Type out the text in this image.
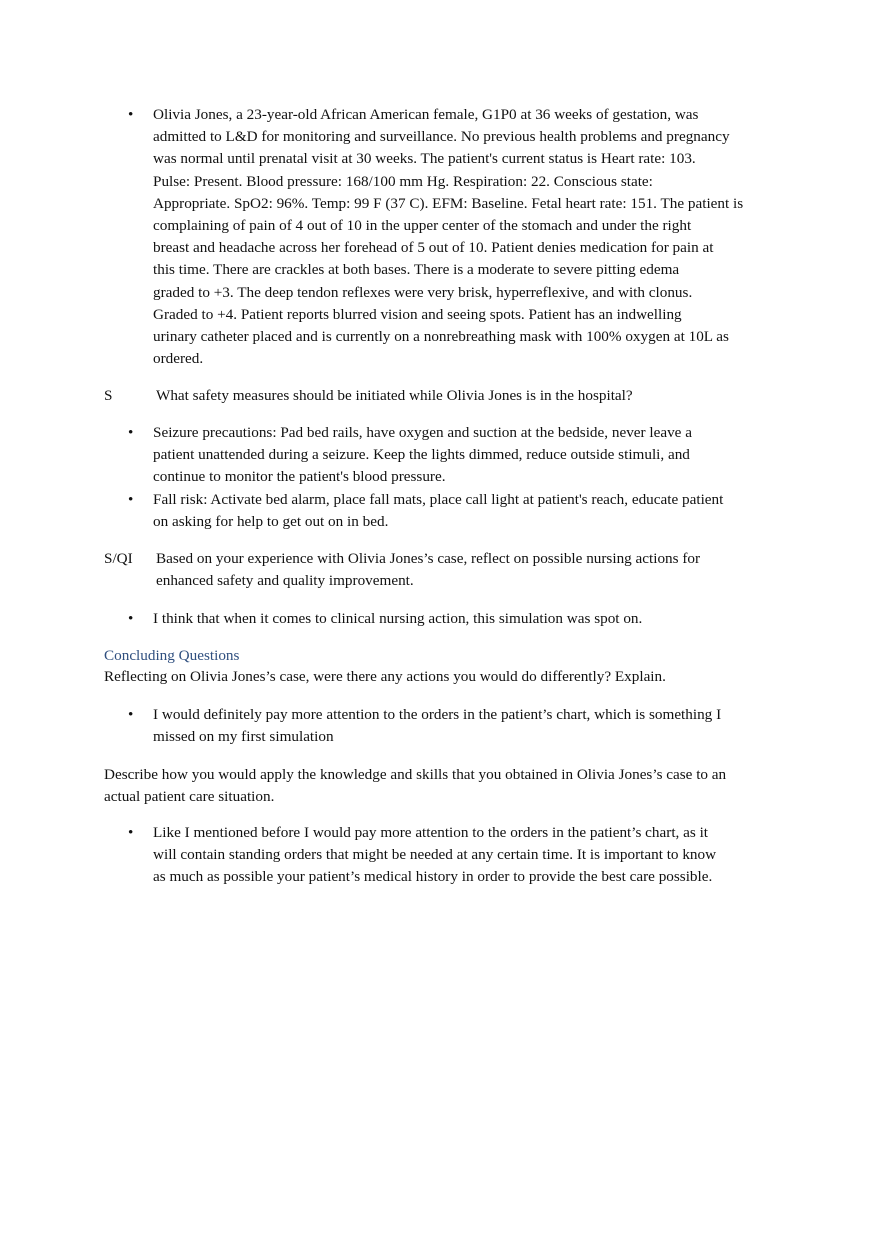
• Olivia Jones, a 23-year-old African American female, G1P0 at 36 weeks of gestation, was
admitted to L&D for monitoring and surveillance. No previous health problems and pregnancy
was normal until prenatal visit at 30 weeks. The patient's current status is Heart rate: 103.
Pulse: Present. Blood pressure: 168/100 mm Hg. Respiration: 22. Conscious state:
Appropriate. SpO2: 96%. Temp: 99 F (37 C). EFM: Baseline. Fetal heart rate: 151. The patient is
complaining of pain of 4 out of 10 in the upper center of the stomach and under the right
breast and headache across her forehead of 5 out of 10. Patient denies medication for pain at
this time. There are crackles at both bases. There is a moderate to severe pitting edema
graded to +3. The deep tendon reflexes were very brisk, hyperreflexive, and with clonus.
Graded to +4. Patient reports blurred vision and seeing spots. Patient has an indwelling
urinary catheter placed and is currently on a nonrebreathing mask with 100% oxygen at 10L as
ordered.
S	What safety measures should be initiated while Olivia Jones is in the hospital?
• Seizure precautions: Pad bed rails, have oxygen and suction at the bedside, never leave a
patient unattended during a seizure. Keep the lights dimmed, reduce outside stimuli, and
continue to monitor the patient's blood pressure.
• Fall risk: Activate bed alarm, place fall mats, place call light at patient's reach, educate patient
on asking for help to get out on in bed.
S/QI	Based on your experience with Olivia Jones’s case, reflect on possible nursing actions for
enhanced safety and quality improvement.
• I think that when it comes to clinical nursing action, this simulation was spot on.
Concluding Questions
Reflecting on Olivia Jones’s case, were there any actions you would do differently? Explain.
• I would definitely pay more attention to the orders in the patient’s chart, which is something I
missed on my first simulation
Describe how you would apply the knowledge and skills that you obtained in Olivia Jones’s case to an
actual patient care situation.
• Like I mentioned before I would pay more attention to the orders in the patient’s chart, as it
will contain standing orders that might be needed at any certain time. It is important to know
as much as possible your patient’s medical history in order to provide the best care possible.
